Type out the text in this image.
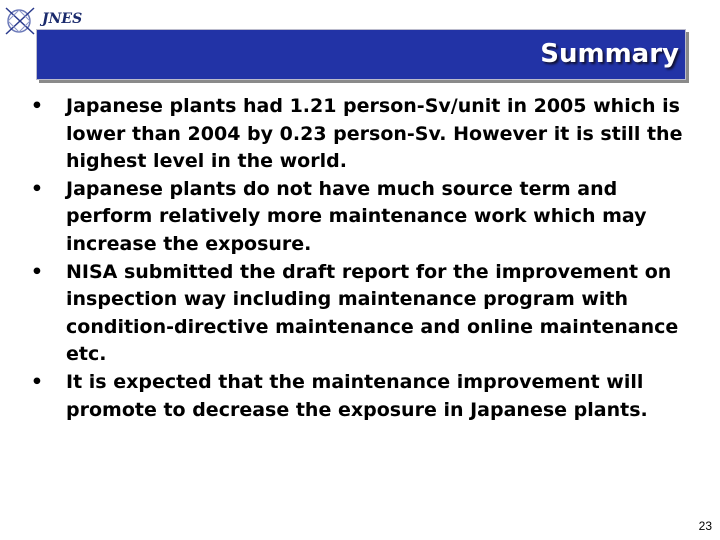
JNES
Summary
• Japanese plants had 1.21 person-Sv/unit in 2005 which is lower than 2004 by 0.23 person-Sv. However it is still the highest level in the world.
• Japanese plants do not have much source term and perform relatively more maintenance work which may increase the exposure.
• NISA submitted the draft report for the improvement on inspection way including maintenance program with condition-directive maintenance and online maintenance etc.
• It is expected that the maintenance improvement will promote to decrease the exposure in Japanese plants.
23
